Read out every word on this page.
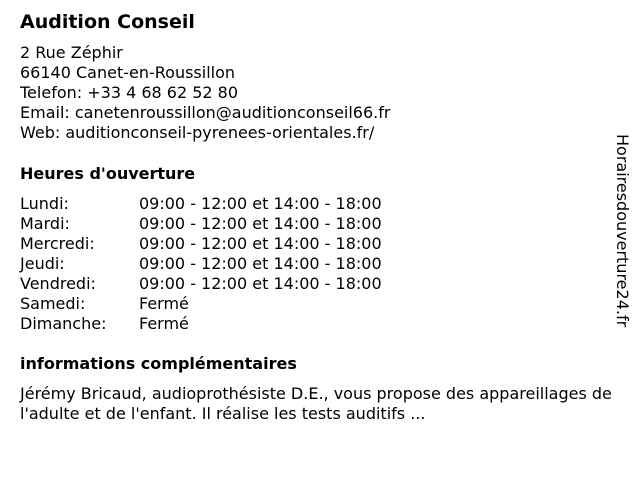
Audition Conseil
2 Rue Zéphir
66140 Canet-en-Roussillon
Telefon: +33 4 68 62 52 80
Email: canetenroussillon@auditionconseil66.fr
Web: auditionconseil-pyrenees-orientales.fr/
Heures d'ouverture
Lundi:	09:00 - 12:00 et 14:00 - 18:00
Mardi:	09:00 - 12:00 et 14:00 - 18:00
Mercredi:	09:00 - 12:00 et 14:00 - 18:00
Jeudi:	09:00 - 12:00 et 14:00 - 18:00
Vendredi:	09:00 - 12:00 et 14:00 - 18:00
Samedi:	Fermé
Dimanche: Fermé
informations complémentaires
Jérémy Bricaud, audioprothésiste D.E., vous propose des appareillages de l'adulte et de l'enfant. Il réalise les tests auditifs ...
Horairesdouverture24.fr
